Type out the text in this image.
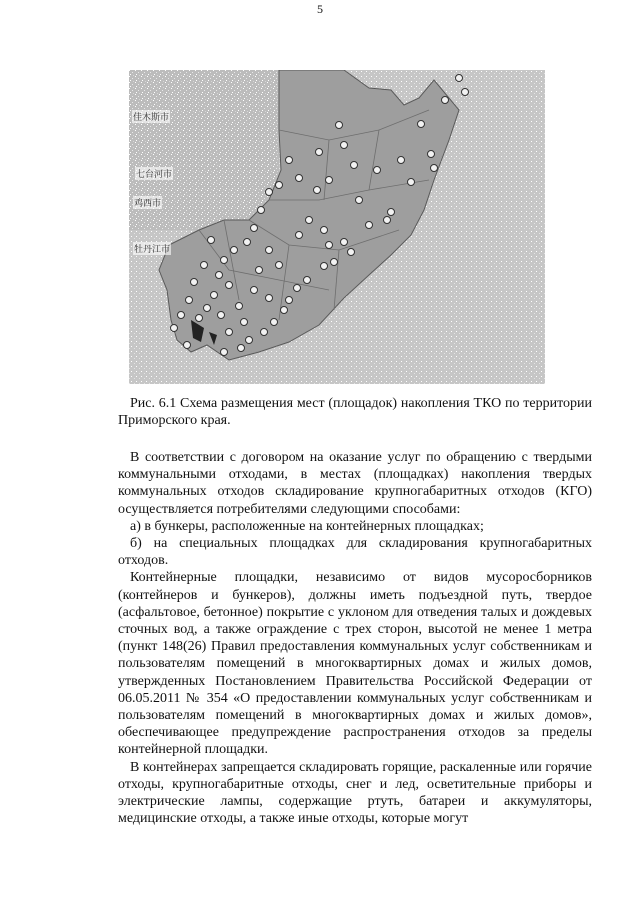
5
佳木斯市
七台河市
鸡西市
牡丹江市

Рис. 6.1 Схема размещения мест (площадок) накопления ТКО по территории Приморского края.

В соответствии с договором на оказание услуг по обращению с твердыми коммунальными отходами, в местах (площадках) накопления твердых коммунальных отходов складирование крупногабаритных отходов (КГО) осуществляется потребителями следующими способами:

а) в бункеры, расположенные на контейнерных площадках;

б) на специальных площадках для складирования крупногабаритных отходов.

Контейнерные площадки, независимо от видов мусоросборников (контейнеров и бункеров), должны иметь подъездной путь, твердое (асфальтовое, бетонное) покрытие с уклоном для отведения талых и дождевых сточных вод, а также ограждение с трех сторон, высотой не менее 1 метра (пункт 148(26) Правил предоставления коммунальных услуг собственникам и пользователям помещений в многоквартирных домах и жилых домов, утвержденных Постановлением Правительства Российской Федерации от 06.05.2011 № 354 «О предоставлении коммунальных услуг собственникам и пользователям помещений в многоквартирных домах и жилых домов», обеспечивающее предупреждение распространения отходов за пределы контейнерной площадки.

В контейнерах запрещается складировать горящие, раскаленные или горячие отходы, крупногабаритные отходы, снег и лед, осветительные приборы и электрические лампы, содержащие ртуть, батареи и аккумуляторы, медицинские отходы, а также иные отходы, которые могут
